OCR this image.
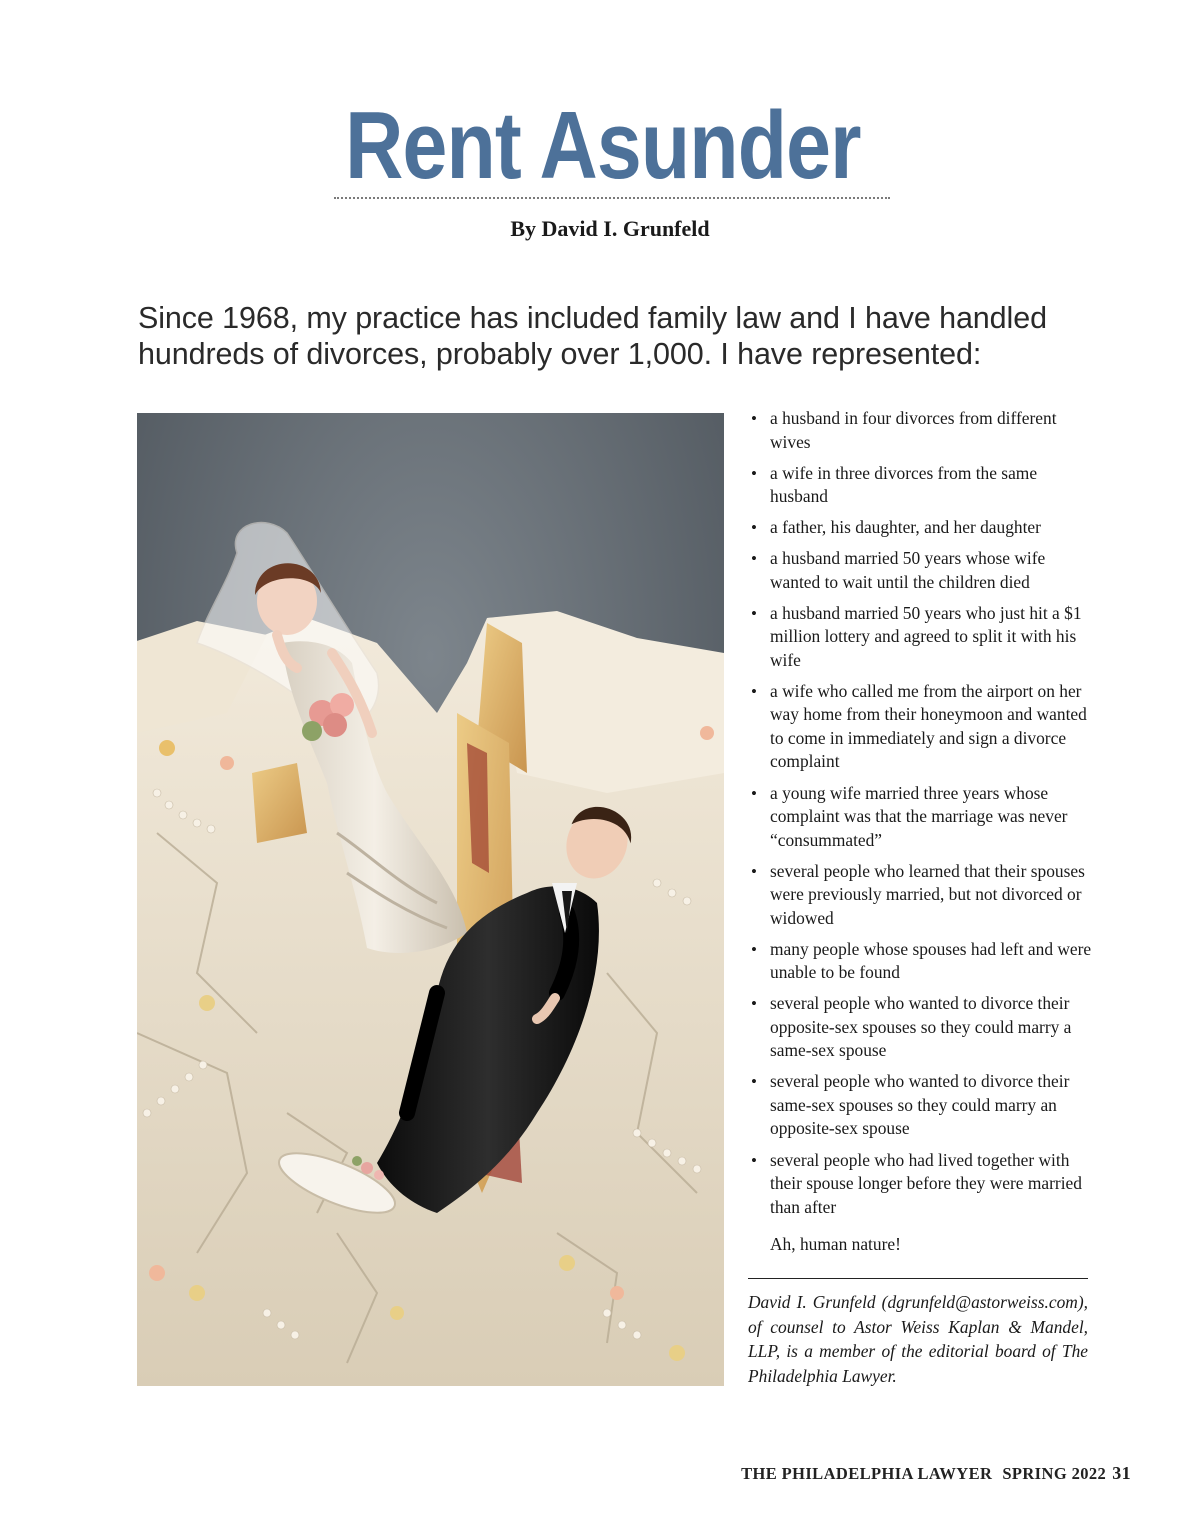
Rent Asunder
By David I. Grunfeld

Since 1968, my practice has included family law and I have handled hundreds of divorces, probably over 1,000. I have represented:

• a husband in four divorces from different wives
• a wife in three divorces from the same husband
• a father, his daughter, and her daughter
• a husband married 50 years whose wife wanted to wait until the children died
• a husband married 50 years who just hit a $1 million lottery and agreed to split it with his wife
• a wife who called me from the airport on her way home from their honeymoon and wanted to come in immediately and sign a divorce complaint
• a young wife married three years whose complaint was that the marriage was never “consummated”
• several people who learned that their spouses were previously married, but not divorced or widowed
• many people whose spouses had left and were unable to be found
• several people who wanted to divorce their opposite-sex spouses so they could marry a same-sex spouse
• several people who wanted to divorce their same-sex spouses so they could marry an opposite-sex spouse
• several people who had lived together with their spouse longer before they were married than after
Ah, human nature!

David I. Grunfeld (dgrunfeld@astorweiss.com), of counsel to Astor Weiss Kaplan & Mandel, LLP, is a member of the editorial board of The Philadelphia Lawyer.

THE PHILADELPHIA LAWYER SPRING 2022 31
